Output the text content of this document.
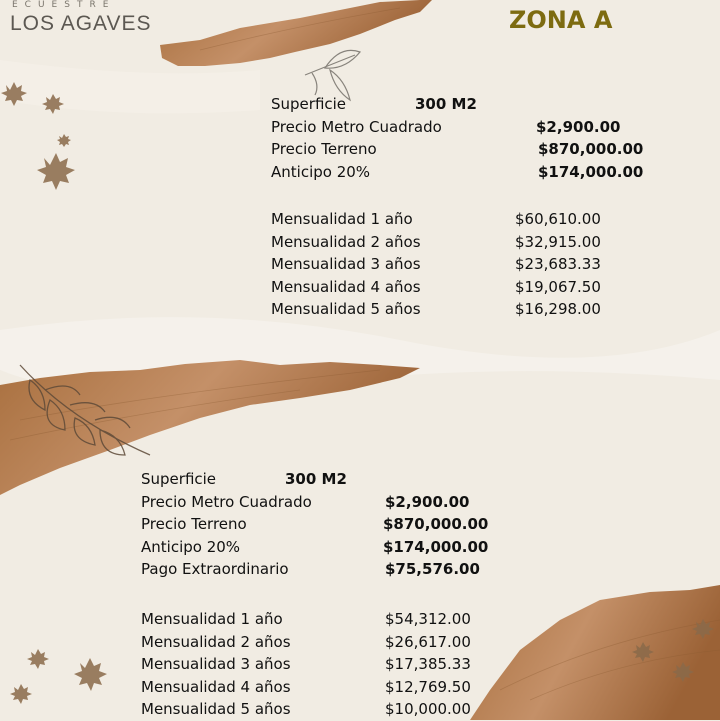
ECUESTRE
LOS AGAVES	ZONA A
Superficie	300 M2
Precio Metro Cuadrado	$2,900.00
Precio Terreno	$870,000.00
Anticipo 20%	$174,000.00
Mensualidad 1 año	$60,610.00
Mensualidad 2 años	$32,915.00
Mensualidad 3 años	$23,683.33
Mensualidad 4 años	$19,067.50
Mensualidad 5 años	$16,298.00
Superficie	300 M2
Precio Metro Cuadrado	$2,900.00
Precio Terreno	$870,000.00
Anticipo 20%	$174,000.00
Pago Extraordinario	$75,576.00
Mensualidad 1 año	$54,312.00
Mensualidad 2 años	$26,617.00
Mensualidad 3 años	$17,385.33
Mensualidad 4 años	$12,769.50
Mensualidad 5 años	$10,000.00
